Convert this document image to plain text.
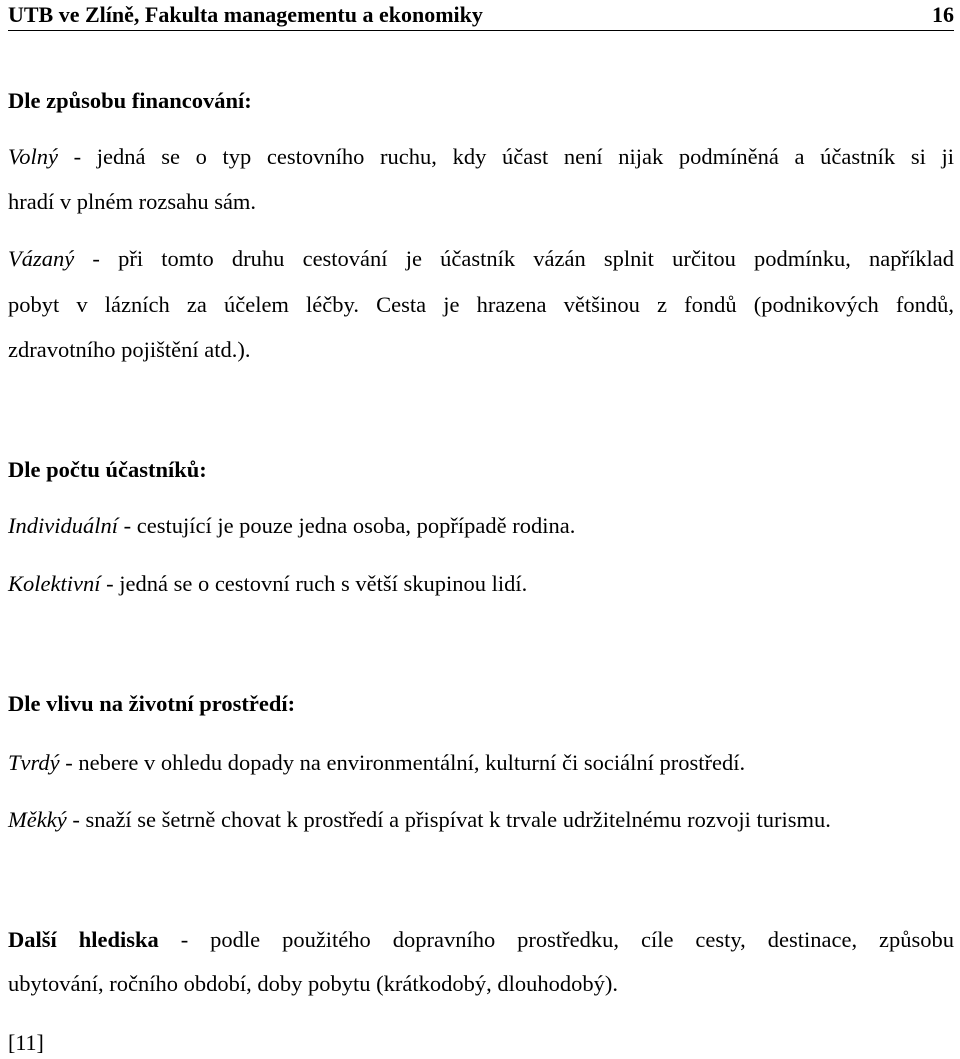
UTB ve Zlíně, Fakulta managementu a ekonomiky	16
Dle způsobu financování:
Volný - jedná se o typ cestovního ruchu, kdy účast není nijak podmíněná a účastník si ji
hradí v plném rozsahu sám.
Vázaný - při tomto druhu cestování je účastník vázán splnit určitou podmínku, například
pobyt v lázních za účelem léčby. Cesta je hrazena většinou z fondů (podnikových fondů,
zdravotního pojištění atd.).
Dle počtu účastníků:
Individuální - cestující je pouze jedna osoba, popřípadě rodina.
Kolektivní - jedná se o cestovní ruch s větší skupinou lidí.
Dle vlivu na životní prostředí:
Tvrdý - nebere v ohledu dopady na environmentální, kulturní či sociální prostředí.
Měkký - snaží se šetrně chovat k prostředí a přispívat k trvale udržitelnému rozvoji turismu.
Další hlediska - podle použitého dopravního prostředku, cíle cesty, destinace, způsobu
ubytování, ročního období, doby pobytu (krátkodobý, dlouhodobý).
[11]
